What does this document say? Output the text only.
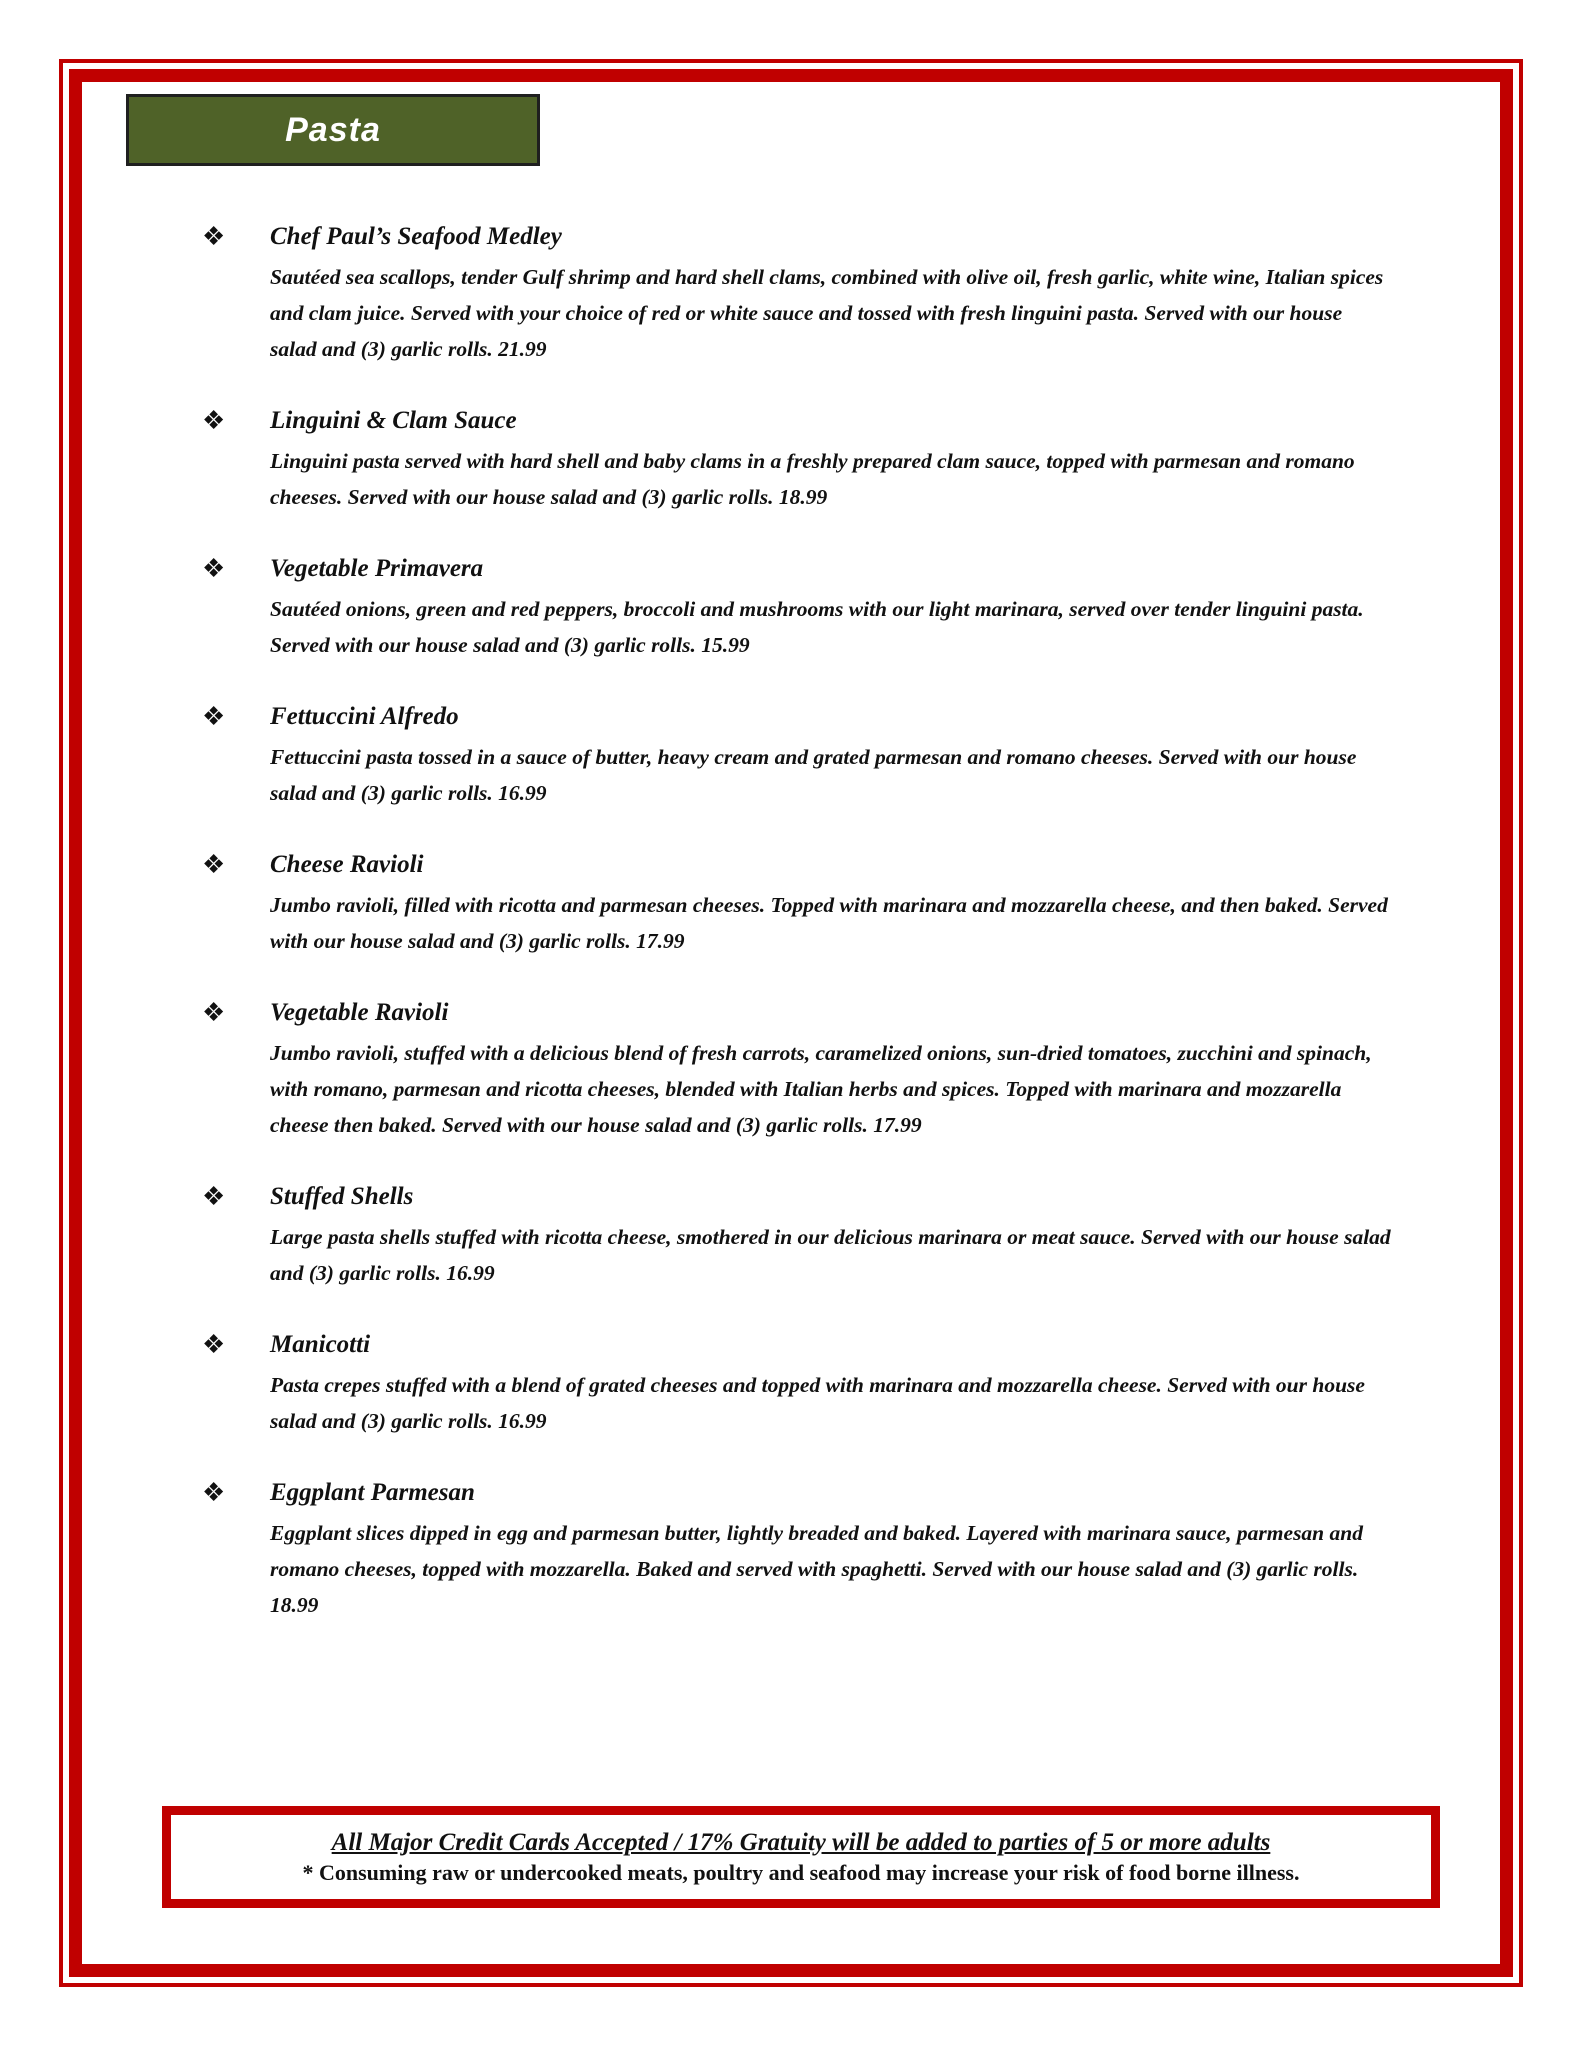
Pasta
❖	Chef Paul’s Seafood Medley
Sautéed sea scallops, tender Gulf shrimp and hard shell clams, combined with olive oil, fresh garlic, white wine, Italian spices and clam juice. Served with your choice of red or white sauce and tossed with fresh linguini pasta. Served with our house salad and (3) garlic rolls. 21.99
❖	Linguini & Clam Sauce
Linguini pasta served with hard shell and baby clams in a freshly prepared clam sauce, topped with parmesan and romano cheeses. Served with our house salad and (3) garlic rolls. 18.99
❖	Vegetable Primavera
Sautéed onions, green and red peppers, broccoli and mushrooms with our light marinara, served over tender linguini pasta. Served with our house salad and (3) garlic rolls. 15.99
❖	Fettuccini Alfredo
Fettuccini pasta tossed in a sauce of butter, heavy cream and grated parmesan and romano cheeses. Served with our house salad and (3) garlic rolls. 16.99
❖	Cheese Ravioli
Jumbo ravioli, filled with ricotta and parmesan cheeses. Topped with marinara and mozzarella cheese, and then baked. Served with our house salad and (3) garlic rolls. 17.99
❖	Vegetable Ravioli
Jumbo ravioli, stuffed with a delicious blend of fresh carrots, caramelized onions, sun-dried tomatoes, zucchini and spinach, with romano, parmesan and ricotta cheeses, blended with Italian herbs and spices. Topped with marinara and mozzarella cheese then baked. Served with our house salad and (3) garlic rolls. 17.99
❖	Stuffed Shells
Large pasta shells stuffed with ricotta cheese, smothered in our delicious marinara or meat sauce. Served with our house salad and (3) garlic rolls. 16.99
❖	Manicotti
Pasta crepes stuffed with a blend of grated cheeses and topped with marinara and mozzarella cheese. Served with our house salad and (3) garlic rolls. 16.99
❖	Eggplant Parmesan
Eggplant slices dipped in egg and parmesan butter, lightly breaded and baked. Layered with marinara sauce, parmesan and romano cheeses, topped with mozzarella. Baked and served with spaghetti. Served with our house salad and (3) garlic rolls. 18.99
All Major Credit Cards Accepted / 17% Gratuity will be added to parties of 5 or more adults
* Consuming raw or undercooked meats, poultry and seafood may increase your risk of food borne illness.
